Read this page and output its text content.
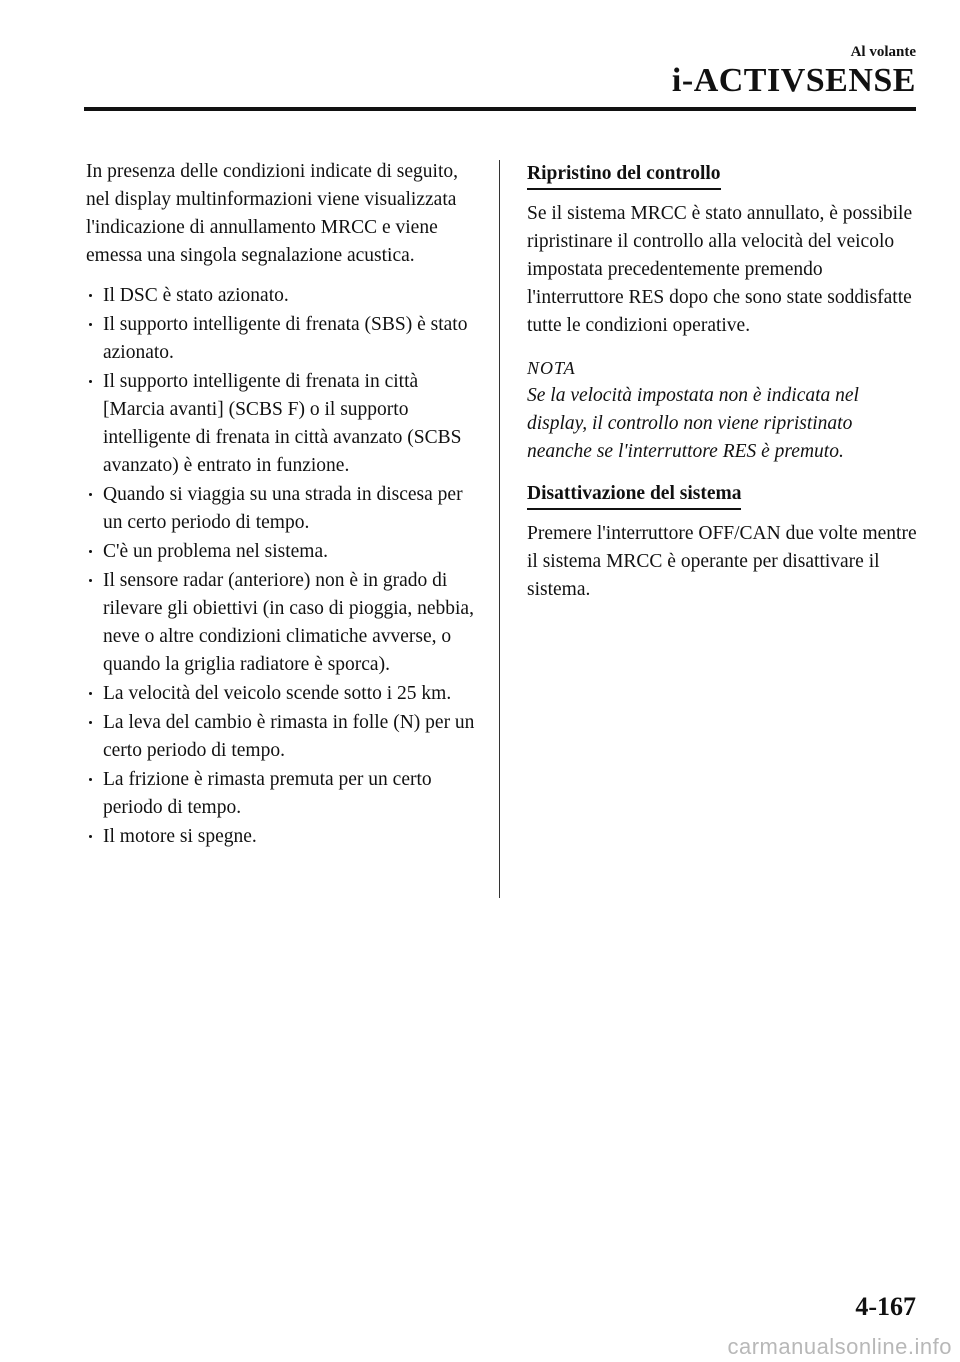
Al volante
i-ACTIVSENSE

In presenza delle condizioni indicate di seguito, nel display multinformazioni viene visualizzata l'indicazione di annullamento MRCC e viene emessa una singola segnalazione acustica.

Il DSC è stato azionato.
Il supporto intelligente di frenata (SBS) è stato azionato.
Il supporto intelligente di frenata in città [Marcia avanti] (SCBS F) o il supporto intelligente di frenata in città avanzato (SCBS avanzato) è entrato in funzione.
Quando si viaggia su una strada in discesa per un certo periodo di tempo.
C'è un problema nel sistema.
Il sensore radar (anteriore) non è in grado di rilevare gli obiettivi (in caso di pioggia, nebbia, neve o altre condizioni climatiche avverse, o quando la griglia radiatore è sporca).
La velocità del veicolo scende sotto i 25 km.
La leva del cambio è rimasta in folle (N) per un certo periodo di tempo.
La frizione è rimasta premuta per un certo periodo di tempo.
Il motore si spegne.
Ripristino del controllo

Se il sistema MRCC è stato annullato, è possibile ripristinare il controllo alla velocità del veicolo impostata precedentemente premendo l'interruttore RES dopo che sono state soddisfatte tutte le condizioni operative.

NOTA

Se la velocità impostata non è indicata nel display, il controllo non viene ripristinato neanche se l'interruttore RES è premuto.

Disattivazione del sistema

Premere l'interruttore OFF/CAN due volte mentre il sistema MRCC è operante per disattivare il sistema.

4-167
carmanualsonline.info
